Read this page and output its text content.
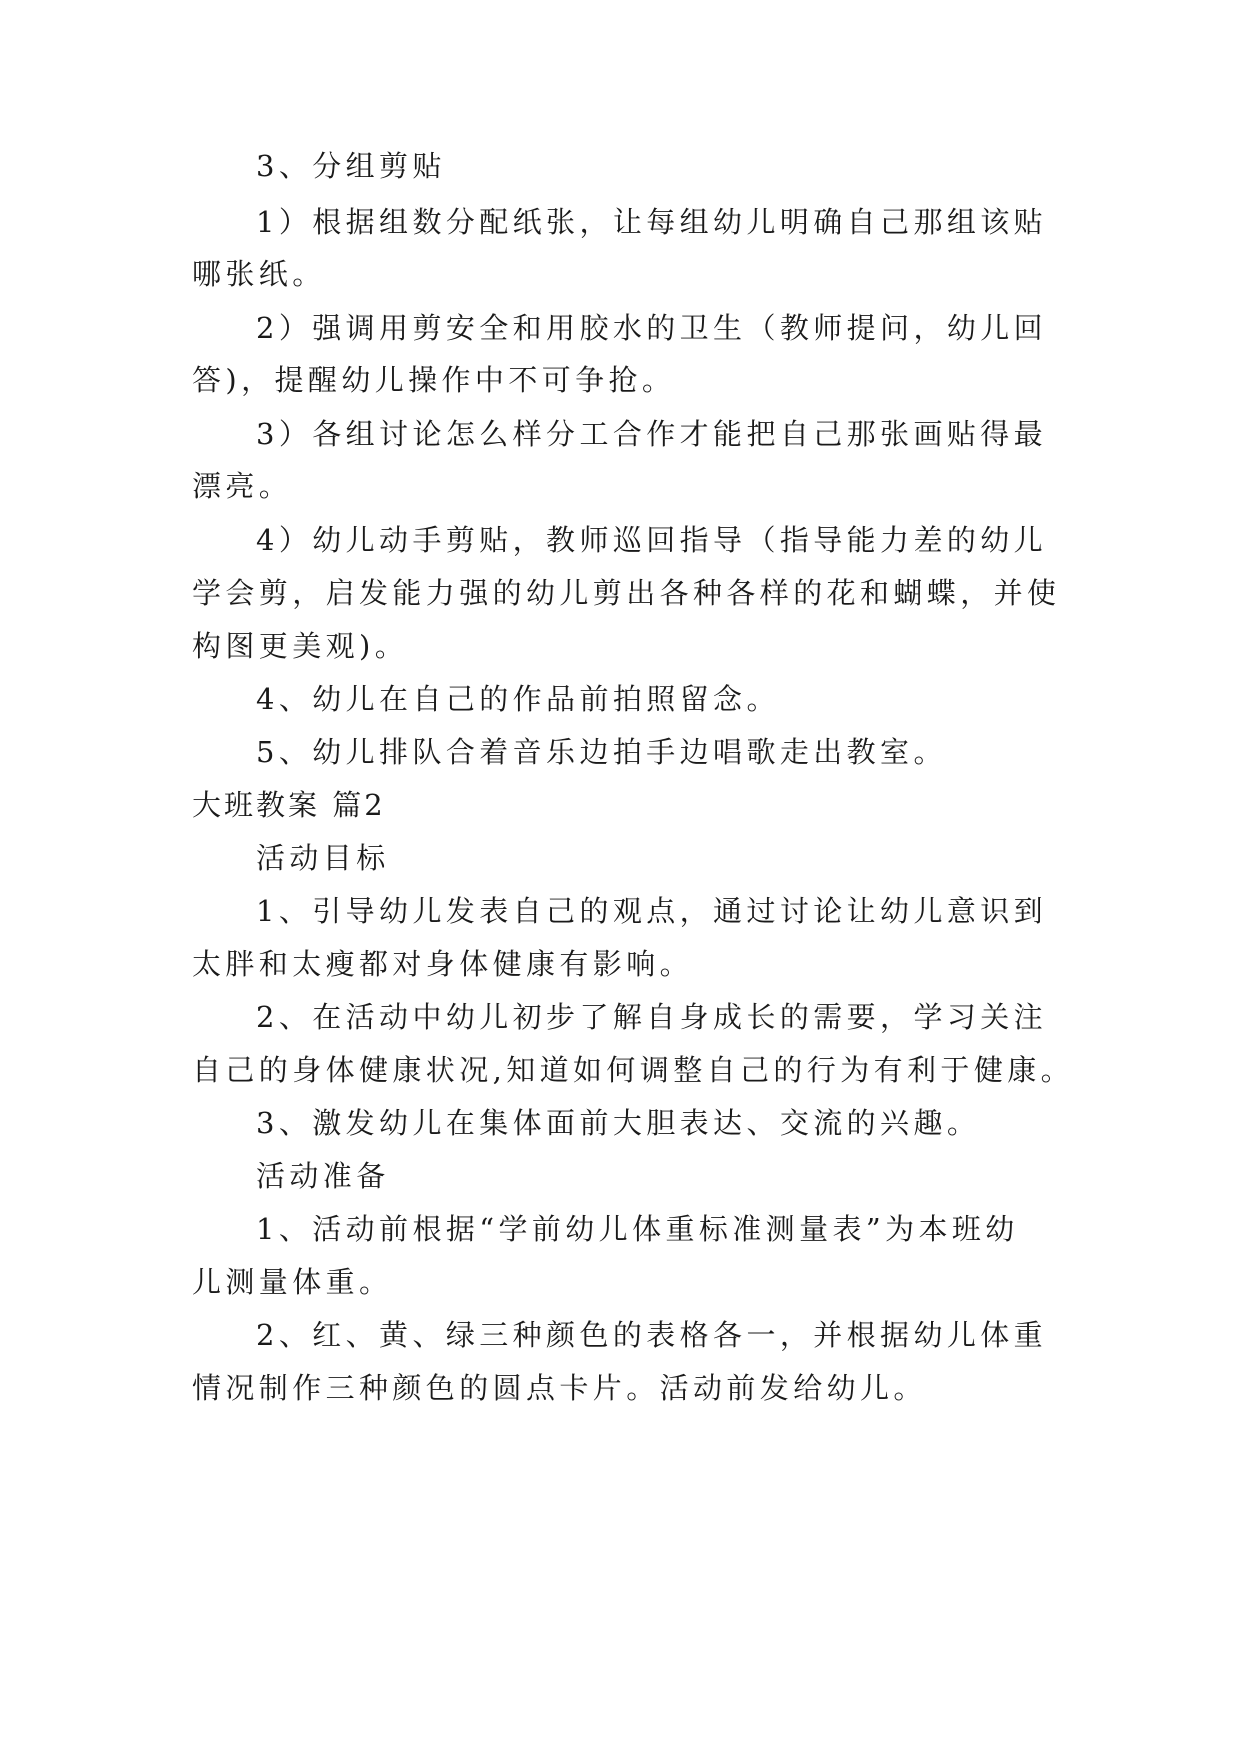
3、分组剪贴
1）根据组数分配纸张，让每组幼儿明确自己那组该贴
哪张纸。
2）强调用剪安全和用胶水的卫生（教师提问，幼儿回
答)，提醒幼儿操作中不可争抢。
3）各组讨论怎么样分工合作才能把自己那张画贴得最
漂亮。
4）幼儿动手剪贴，教师巡回指导（指导能力差的幼儿
学会剪，启发能力强的幼儿剪出各种各样的花和蝴蝶，并使
构图更美观)。
4、幼儿在自己的作品前拍照留念。
5、幼儿排队合着音乐边拍手边唱歌走出教室。
大班教案 篇2
活动目标
1、引导幼儿发表自己的观点，通过讨论让幼儿意识到
太胖和太瘦都对身体健康有影响。
2、在活动中幼儿初步了解自身成长的需要，学习关注
自己的身体健康状况,知道如何调整自己的行为有利于健康。
3、激发幼儿在集体面前大胆表达、交流的兴趣。
活动准备
1、活动前根据“学前幼儿体重标准测量表”为本班幼
儿测量体重。
2、红、黄、绿三种颜色的表格各一，并根据幼儿体重
情况制作三种颜色的圆点卡片。活动前发给幼儿。
